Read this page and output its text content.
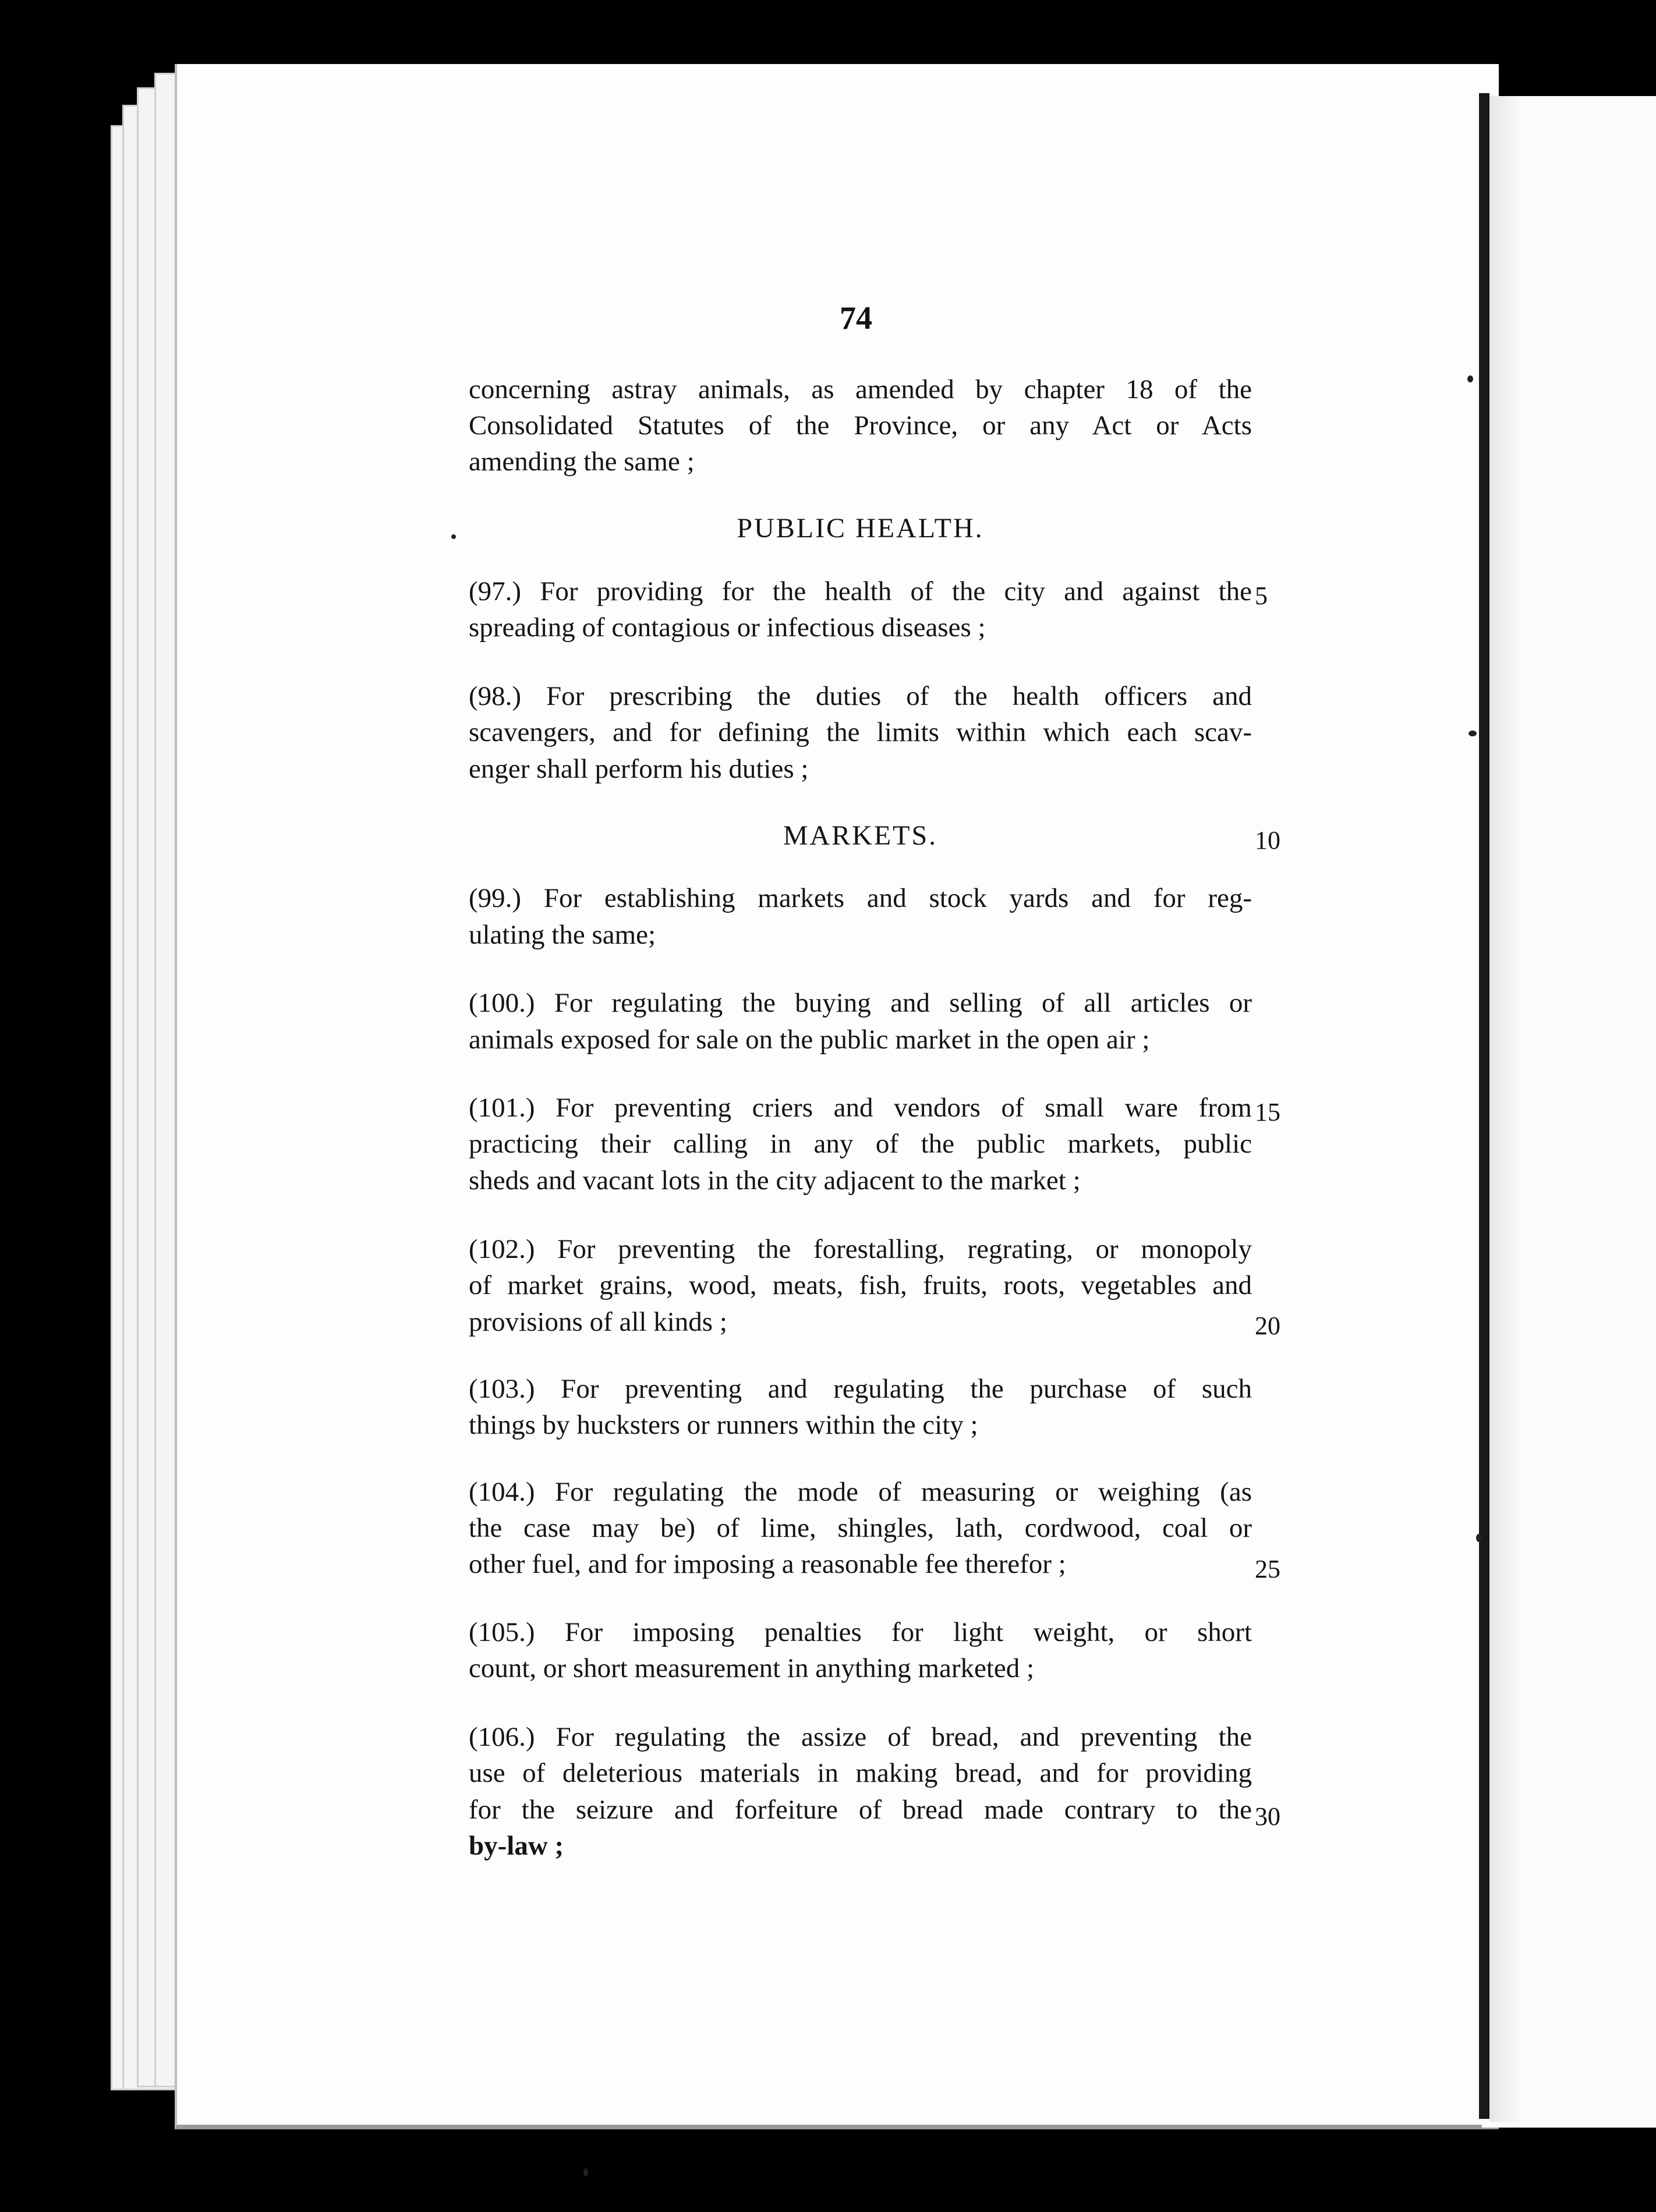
74
concerning astray animals, as amended by chapter 18 of the
Consolidated Statutes of the Province, or any Act or Acts
amending the same ;
PUBLIC HEALTH.
(97.) For providing for the health of the city and against the
spreading of contagious or infectious diseases ;
5
(98.) For prescribing the duties of the health officers and
scavengers, and for defining the limits within which each scav-
enger shall perform his duties ;
MARKETS.	10
(99.) For establishing markets and stock yards and for reg-
ulating the same;
(100.) For regulating the buying and selling of all articles or
animals exposed for sale on the public market in the open air ;
(101.) For preventing criers and vendors of small ware from
practicing their calling in any of the public markets, public
sheds and vacant lots in the city adjacent to the market ;
15
(102.) For preventing the forestalling, regrating, or monopoly
of market grains, wood, meats, fish, fruits, roots, vegetables and
provisions of all kinds ;	20
(103.) For preventing and regulating the purchase of such
things by hucksters or runners within the city ;
(104.) For regulating the mode of measuring or weighing (as
the case may be) of lime, shingles, lath, cordwood, coal or
other fuel, and for imposing a reasonable fee therefor ;	25
(105.) For imposing penalties for light weight, or short
count, or short measurement in anything marketed ;
(106.) For regulating the assize of bread, and preventing the
use of deleterious materials in making bread, and for providing
for the seizure and forfeiture of bread made contrary to the
by-law ;
30
